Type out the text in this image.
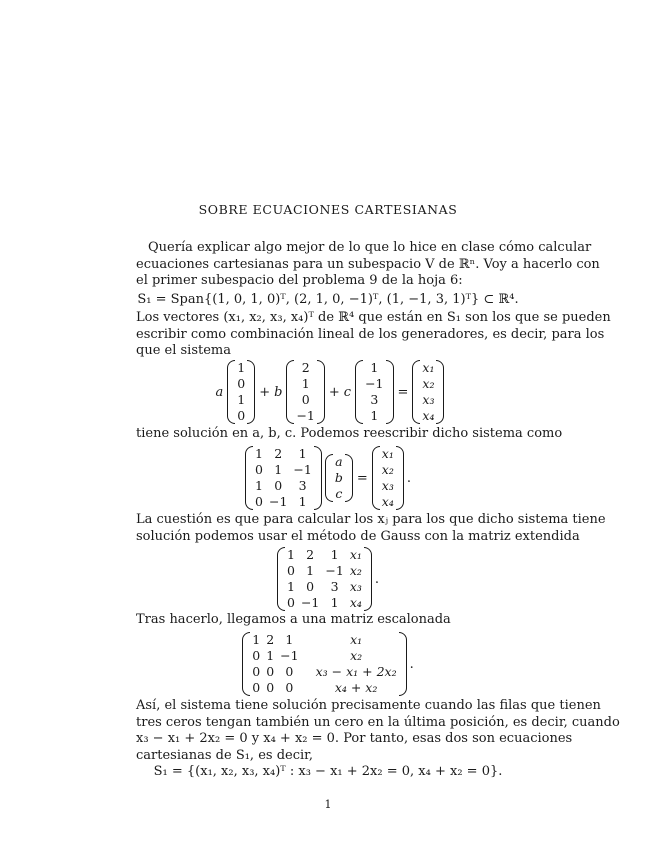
SOBRE ECUACIONES CARTESIANAS
Quería explicar algo mejor de lo que lo hice en clase cómo calcular
ecuaciones cartesianas para un subespacio V de ℝⁿ. Voy a hacerlo con
el primer subespacio del problema 9 de la hoja 6:
S₁ = Span{(1, 0, 1, 0)ᵀ, (2, 1, 0, −1)ᵀ, (1, −1, 3, 1)ᵀ} ⊂ ℝ⁴.
Los vectores (x₁, x₂, x₃, x₄)ᵀ de ℝ⁴ que están en S₁ son los que se pueden
escribir como combinación lineal de los generadores, es decir, para los
que el sistema
a
1
0
1
0
+ b
2
1
0
−1
+ c
1
−1
3
1
=
x₁
x₂
x₃
x₄
tiene solución en a, b, c. Podemos reescribir dicho sistema como
1	2	1
0	1	−1
1	0	3
0	−1	1
a
b
c
=
x₁
x₂
x₃
x₄
.
La cuestión es que para calcular los xⱼ para los que dicho sistema tiene
solución podemos usar el método de Gauss con la matriz extendida
1	2	1	x₁
0	1	−1	x₂
1	0	3	x₃
0	−1	1	x₄
.
Tras hacerlo, llegamos a una matriz escalonada
1	2	1	x₁
0	1	−1	x₂
0	0	0	x₃ − x₁ + 2x₂
0	0	0	x₄ + x₂
.
Así, el sistema tiene solución precisamente cuando las filas que tienen
tres ceros tengan también un cero en la última posición, es decir, cuando
x₃ − x₁ + 2x₂ = 0 y x₄ + x₂ = 0. Por tanto, esas dos son ecuaciones
cartesianas de S₁, es decir,
S₁ = {(x₁, x₂, x₃, x₄)ᵀ : x₃ − x₁ + 2x₂ = 0, x₄ + x₂ = 0}.
1
